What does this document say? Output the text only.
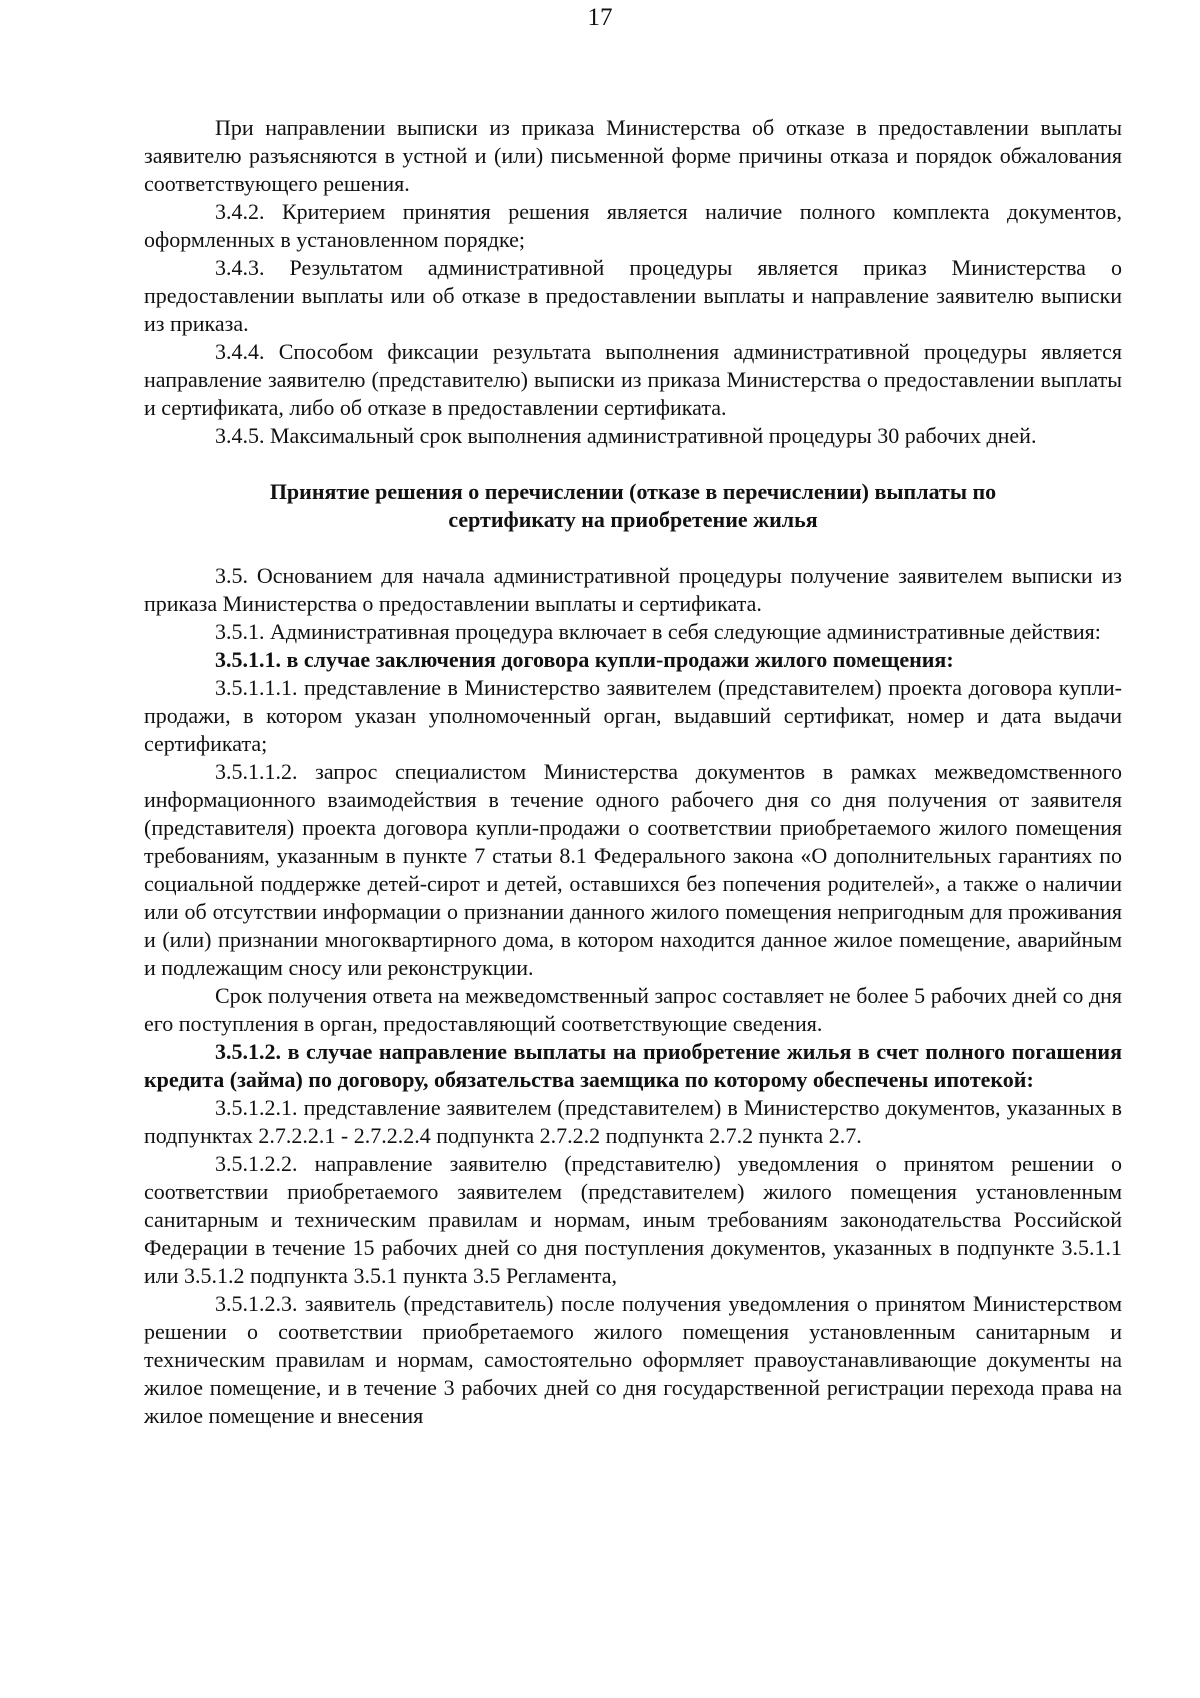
17

При направлении выписки из приказа Министерства об отказе в предоставлении выплаты заявителю разъясняются в устной и (или) письменной форме причины отказа и порядок обжалования соответствующего решения.

3.4.2. Критерием принятия решения является наличие полного комплекта документов, оформленных в установленном порядке;

3.4.3. Результатом административной процедуры является приказ Министерства о предоставлении выплаты или об отказе в предоставлении выплаты и направление заявителю выписки из приказа.

3.4.4. Способом фиксации результата выполнения административной процедуры является направление заявителю (представителю) выписки из приказа Министерства о предоставлении выплаты и сертификата, либо об отказе в предоставлении сертификата.

3.4.5. Максимальный срок выполнения административной процедуры 30 рабочих дней.

Принятие решения о перечислении (отказе в перечислении) выплаты по
сертификату на приобретение жилья

3.5. Основанием для начала административной процедуры получение заявителем выписки из приказа Министерства о предоставлении выплаты и сертификата.

3.5.1. Административная процедура включает в себя следующие административные действия:

3.5.1.1. в случае заключения договора купли-продажи жилого помещения:

3.5.1.1.1. представление в Министерство заявителем (представителем) проекта договора купли-продажи, в котором указан уполномоченный орган, выдавший сертификат, номер и дата выдачи сертификата;

3.5.1.1.2. запрос специалистом Министерства документов в рамках межведомственного информационного взаимодействия в течение одного рабочего дня со дня получения от заявителя (представителя) проекта договора купли-продажи о соответствии приобретаемого жилого помещения требованиям, указанным в пункте 7 статьи 8.1 Федерального закона «О дополнительных гарантиях по социальной поддержке детей-сирот и детей, оставшихся без попечения родителей», а также о наличии или об отсутствии информации о признании данного жилого помещения непригодным для проживания и (или) признании многоквартирного дома, в котором находится данное жилое помещение, аварийным и подлежащим сносу или реконструкции.

Срок получения ответа на межведомственный запрос составляет не более 5 рабочих дней со дня его поступления в орган, предоставляющий соответствующие сведения.

3.5.1.2. в случае направление выплаты на приобретение жилья в счет полного погашения кредита (займа) по договору, обязательства заемщика по которому обеспечены ипотекой:

3.5.1.2.1. представление заявителем (представителем) в Министерство документов, указанных в подпунктах 2.7.2.2.1 - 2.7.2.2.4 подпункта 2.7.2.2 подпункта 2.7.2 пункта 2.7.

3.5.1.2.2. направление заявителю (представителю) уведомления о принятом решении о соответствии приобретаемого заявителем (представителем) жилого помещения установленным санитарным и техническим правилам и нормам, иным требованиям законодательства Российской Федерации в течение 15 рабочих дней со дня поступления документов, указанных в подпункте 3.5.1.1 или 3.5.1.2 подпункта 3.5.1 пункта 3.5 Регламента,

3.5.1.2.3. заявитель (представитель) после получения уведомления о принятом Министерством решении о соответствии приобретаемого жилого помещения установленным санитарным и техническим правилам и нормам, самостоятельно оформляет правоустанавливающие документы на жилое помещение, и в течение 3 рабочих дней со дня государственной регистрации перехода права на жилое помещение и внесения
